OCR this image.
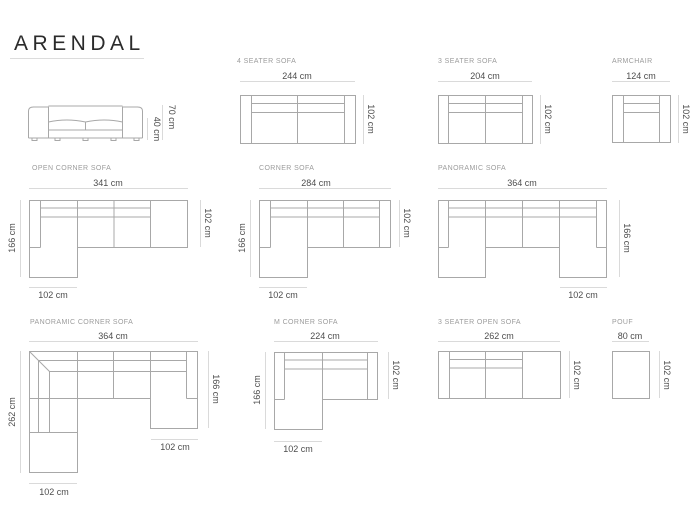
ARENDAL
40 cm 70 cm
4 SEATER SOFA
244 cm
102 cm
3 SEATER SOFA
204 cm
102 cm
ARMCHAIR
124 cm
102 cm
OPEN CORNER SOFA
341 cm
166 cm
102 cm
102 cm
CORNER SOFA
284 cm
166 cm
102 cm
102 cm
PANORAMIC SOFA
364 cm
166 cm
102 cm
PANORAMIC CORNER SOFA
364 cm
262 cm
166 cm
102 cm
102 cm
M CORNER SOFA
224 cm
166 cm
102 cm
102 cm
3 SEATER OPEN SOFA
262 cm
102 cm
POUF
80 cm
102 cm
